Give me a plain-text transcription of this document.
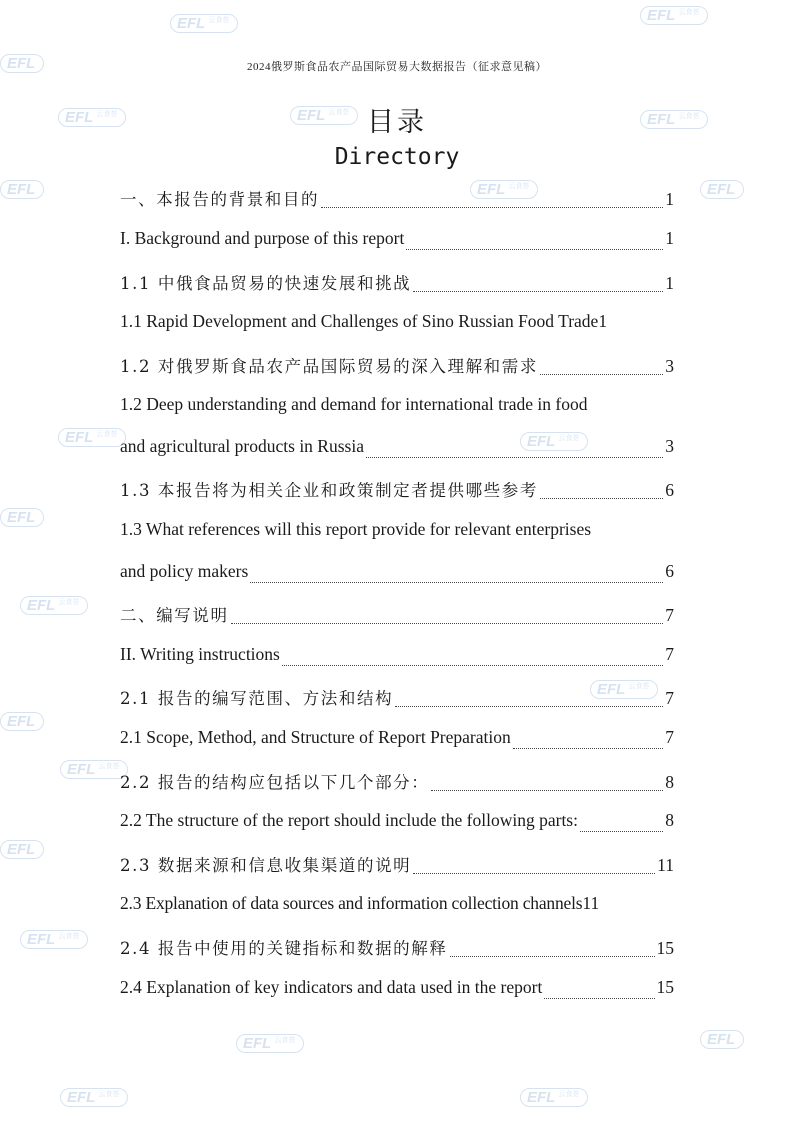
EFL $^{云食荟}$
EFL
EFL $^{云食荟}$
EFL $^{云食荟}$	EFL $^{云食荟}$	EFL $^{云食荟}$
EFL	EFL $^{云食荟}$	EFL
EFL $^{云食荟}$	EFL $^{云食荟}$
EFL
EFL $^{云食荟}$
EFL $^{云食荟}$
EFL
EFL $^{云食荟}$
EFL
EFL $^{云食荟}$
EFL $^{云食荟}$	EFL
EFL $^{云食荟}$	EFL $^{云食荟}$
2024俄罗斯食品农产品国际贸易大数据报告（征求意见稿）
目录
Directory
一、本报告的背景和目的	1
I. Background and purpose of this report	1
1.1 中俄食品贸易的快速发展和挑战	1
1.1 Rapid Development and Challenges of Sino Russian Food Trade 1
1.2 对俄罗斯食品农产品国际贸易的深入理解和需求	3
1.2 Deep understanding and demand for international trade in food
and agricultural products in Russia	3
1.3 本报告将为相关企业和政策制定者提供哪些参考	6
1.3 What references will this report provide for relevant enterprises
and policy makers	6
二、编写说明	7
II. Writing instructions	7
2.1 报告的编写范围、方法和结构	7
2.1 Scope, Method, and Structure of Report Preparation	7
2.2 报告的结构应包括以下几个部分：	8
2.2 The structure of the report should include the following parts:	8
2.3 数据来源和信息收集渠道的说明	11
2.3 Explanation of data sources and information collection channels 11
2.4 报告中使用的关键指标和数据的解释	15
2.4 Explanation of key indicators and data used in the report	15
